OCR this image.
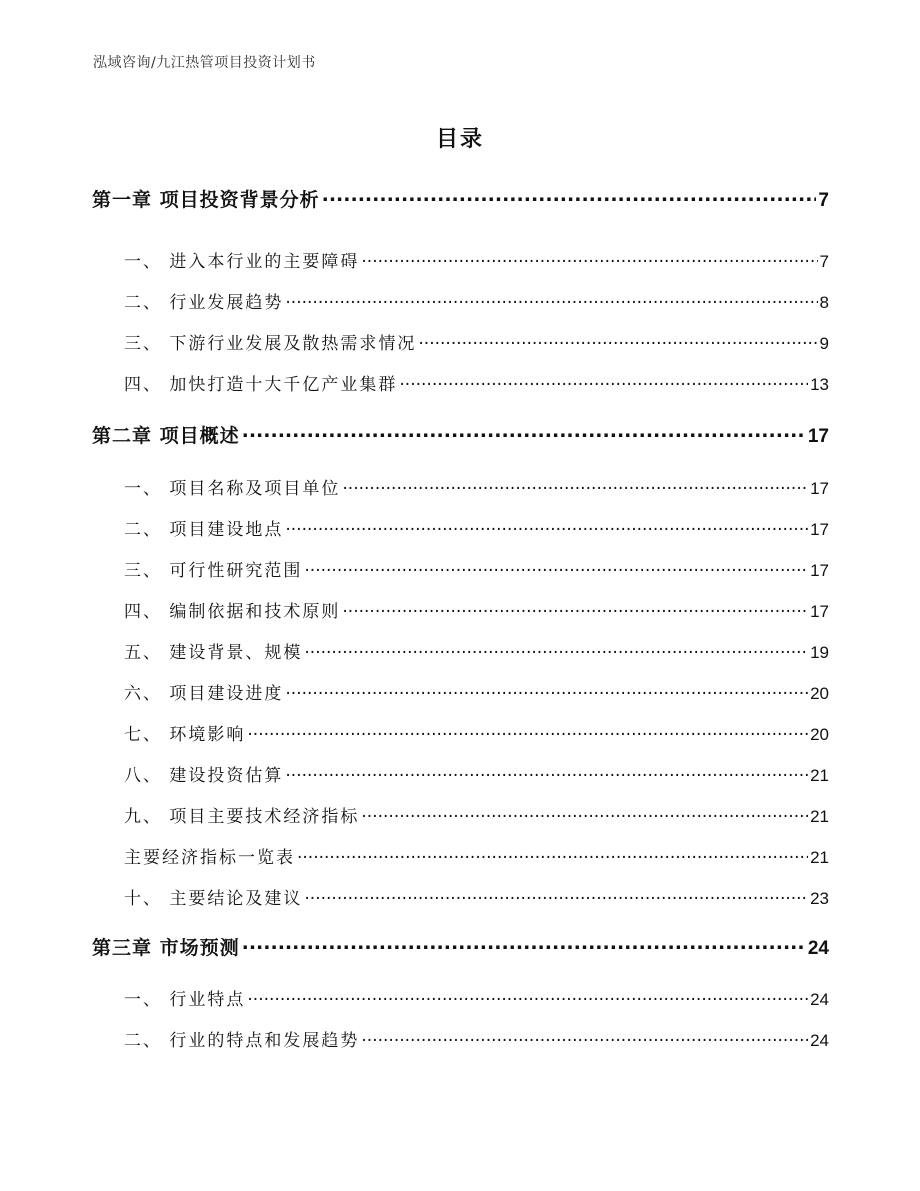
泓域咨询/九江热管项目投资计划书
目录
第一章 项目投资背景分析 .....	7
一、 进入本行业的主要障碍 .....	7
二、 行业发展趋势 .....	8
三、 下游行业发展及散热需求情况 .....	9
四、 加快打造十大千亿产业集群 .....	13
第二章 项目概述 .....	17
一、 项目名称及项目单位 .....	17
二、 项目建设地点 .....	17
三、 可行性研究范围 .....	17
四、 编制依据和技术原则 .....	17
五、 建设背景、规模 .....	19
六、 项目建设进度 .....	20
七、 环境影响 .....	20
八、 建设投资估算 .....	21
九、 项目主要技术经济指标 .....	21
主要经济指标一览表 .....	21
十、 主要结论及建议 .....	23
第三章 市场预测 .....	24
一、 行业特点 .....	24
二、 行业的特点和发展趋势 .....	24
